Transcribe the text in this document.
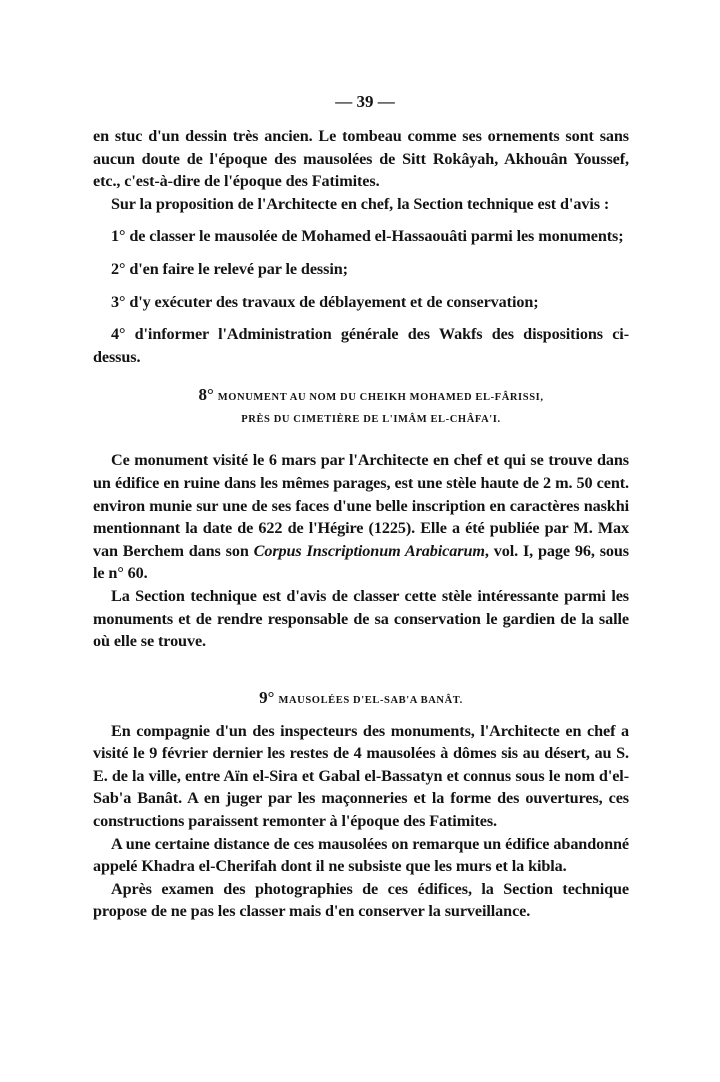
— 39 —

en stuc d'un dessin très ancien. Le tombeau comme ses ornements sont sans aucun doute de l'époque des mausolées de Sitt Rokâyah, Akhouân Youssef, etc., c'est-à-dire de l'époque des Fatimites.

Sur la proposition de l'Architecte en chef, la Section technique est d'avis :

1° de classer le mausolée de Mohamed el-Hassaouâti parmi les monuments;

2° d'en faire le relevé par le dessin;

3° d'y exécuter des travaux de déblayement et de conservation;

4° d'informer l'Administration générale des Wakfs des dispositions ci-dessus.

8° MONUMENT AU NOM DU CHEIKH MOHAMED EL-FÂRISSI,
PRÈS DU CIMETIÈRE DE L'IMÂM EL-CHÂFA'I.

Ce monument visité le 6 mars par l'Architecte en chef et qui se trouve dans un édifice en ruine dans les mêmes parages, est une stèle haute de 2 m. 50 cent. environ munie sur une de ses faces d'une belle inscription en caractères naskhi mentionnant la date de 622 de l'Hégire (1225). Elle a été publiée par M. Max van Berchem dans son Corpus Inscriptionum Arabicarum, vol. I, page 96, sous le n° 60.

La Section technique est d'avis de classer cette stèle intéressante parmi les monuments et de rendre responsable de sa conservation le gardien de la salle où elle se trouve.

9° MAUSOLÉES D'EL-SAB'A BANÂT.

En compagnie d'un des inspecteurs des monuments, l'Architecte en chef a visité le 9 février dernier les restes de 4 mausolées à dômes sis au désert, au S. E. de la ville, entre Aïn el-Sira et Gabal el-Bassatyn et connus sous le nom d'el-Sab'a Banât. A en juger par les maçonneries et la forme des ouvertures, ces constructions paraissent remonter à l'époque des Fatimites.

A une certaine distance de ces mausolées on remarque un édifice abandonné appelé Khadra el-Cherifah dont il ne subsiste que les murs et la kibla.

Après examen des photographies de ces édifices, la Section technique propose de ne pas les classer mais d'en conserver la surveillance.
